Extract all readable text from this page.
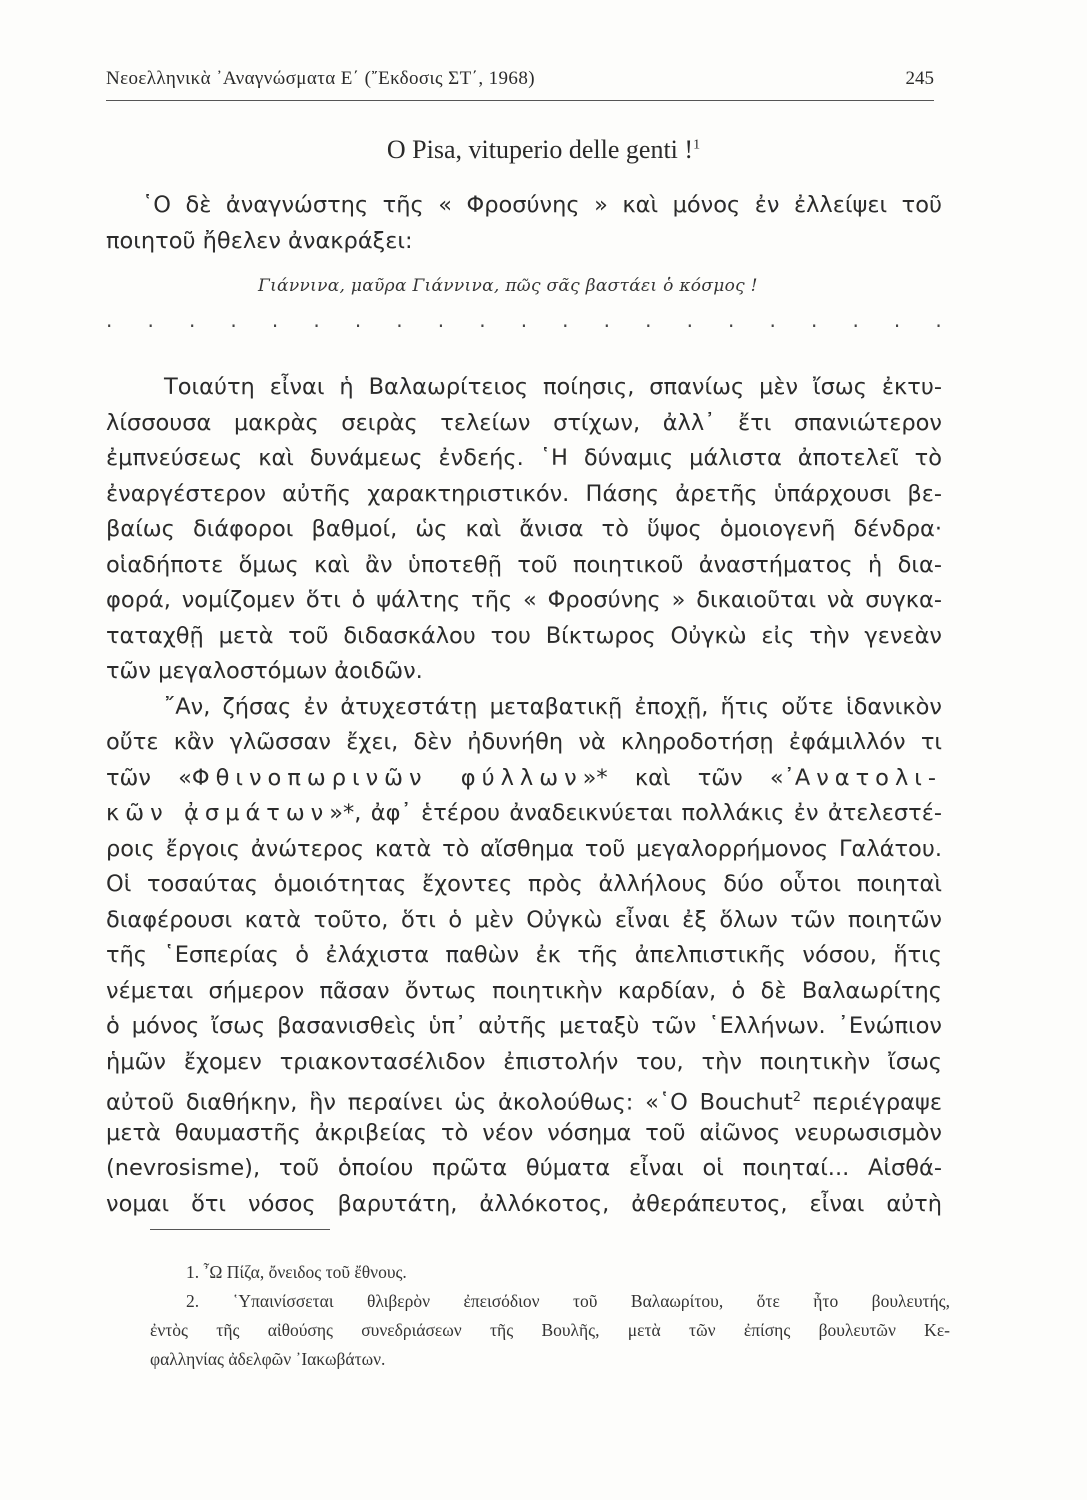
Νεοελληνικὰ ᾿Αναγνώσματα Ε΄ (῎Εκδοσις ΣΤ΄, 1968)	245
O Pisa, vituperio delle genti !$^1$
῾Ο δὲ ἀναγνώστης τῆς « Φροσύνης » καὶ μόνος ἐν ἐλλείψει τοῦ
ποιητοῦ ἤθελεν ἀνακράξει:
Γιάννινα, μαῦρα Γιάννινα, πῶς σᾶς βαστάει ὁ κόσμος !
. . . . . . . . . . . . . . . . . . . . .
Τοιαύτη εἶναι ἡ Βαλαωρίτειος ποίησις, σπανίως μὲν ἴσως ἐκτυ-
λίσσουσα μακρὰς σειρὰς τελείων στίχων, ἀλλ᾽ ἔτι σπανιώτερον
ἐμπνεύσεως καὶ δυνάμεως ἐνδεής. ῾Η δύναμις μάλιστα ἀποτελεῖ τὸ
ἐναργέστερον αὐτῆς χαρακτηριστικόν. Πάσης ἀρετῆς ὑπάρχουσι βε-
βαίως διάφοροι βαθμοί, ὡς καὶ ἄνισα τὸ ὕψος ὁμοιογενῆ δένδρα·
οἱαδήποτε ὅμως καὶ ἂν ὑποτεθῇ τοῦ ποιητικοῦ ἀναστήματος ἡ δια-
φορά, νομίζομεν ὅτι ὁ ψάλτης τῆς « Φροσύνης » δικαιοῦται νὰ συγκα-
ταταχθῇ μετὰ τοῦ διδασκάλου του Βίκτωρος Οὐγκὼ εἰς τὴν γενεὰν
τῶν μεγαλοστόμων ἀοιδῶν.
῎Αν, ζήσας ἐν ἀτυχεστάτῃ μεταβατικῇ ἐποχῇ, ἥτις οὔτε ἱδανικὸν
οὔτε κἂν γλῶσσαν ἔχει, δὲν ἠδυνήθη νὰ κληροδοτήσῃ ἐφάμιλλόν τι
τῶν «Φθινοπωρινῶν φύλλων»* καὶ τῶν «᾿Ανατολι-
κῶν ᾀσμάτων»*, ἀφ᾽ ἑτέρου ἀναδεικνύεται πολλάκις ἐν ἀτελεστέ-
ροις ἔργοις ἀνώτερος κατὰ τὸ αἴσθημα τοῦ μεγαλορρήμονος Γαλάτου.
Οἱ τοσαύτας ὁμοιότητας ἔχοντες πρὸς ἀλλήλους δύο οὗτοι ποιηταὶ
διαφέρουσι κατὰ τοῦτο, ὅτι ὁ μὲν Οὐγκὼ εἶναι ἐξ ὅλων τῶν ποιητῶν
τῆς ῾Εσπερίας ὁ ἐλάχιστα παθὼν ἐκ τῆς ἀπελπιστικῆς νόσου, ἥτις
νέμεται σήμερον πᾶσαν ὄντως ποιητικὴν καρδίαν, ὁ δὲ Βαλαωρίτης
ὁ μόνος ἴσως βασανισθεὶς ὑπ᾽ αὐτῆς μεταξὺ τῶν ῾Ελλήνων. ᾿Ενώπιον
ἡμῶν ἔχομεν τριακοντασέλιδον ἐπιστολήν του, τὴν ποιητικὴν ἴσως
αὐτοῦ διαθήκην, ἣν περαίνει ὡς ἀκολούθως: «῾Ο Bouchut$^2$ περιέγραψε
μετὰ θαυμαστῆς ἀκριβείας τὸ νέον νόσημα τοῦ αἰῶνος νευρωσισμὸν
(nevrosisme), τοῦ ὁποίου πρῶτα θύματα εἶναι οἱ ποιηταί... Αἰσθά-
νομαι ὅτι νόσος βαρυτάτη, ἀλλόκοτος, ἀθεράπευτος, εἶναι αὐτὴ
1. ῏Ω Πίζα, ὄνειδος τοῦ ἔθνους.
2. ῾Υπαινίσσεται θλιβερὸν ἐπεισόδιον τοῦ Βαλαωρίτου, ὅτε ἦτο βουλευτής,
ἐντὸς τῆς αἰθούσης συνεδριάσεων τῆς Βουλῆς, μετὰ τῶν ἐπίσης βουλευτῶν Κε-
φαλληνίας ἀδελφῶν ᾿Ιακωβάτων.
